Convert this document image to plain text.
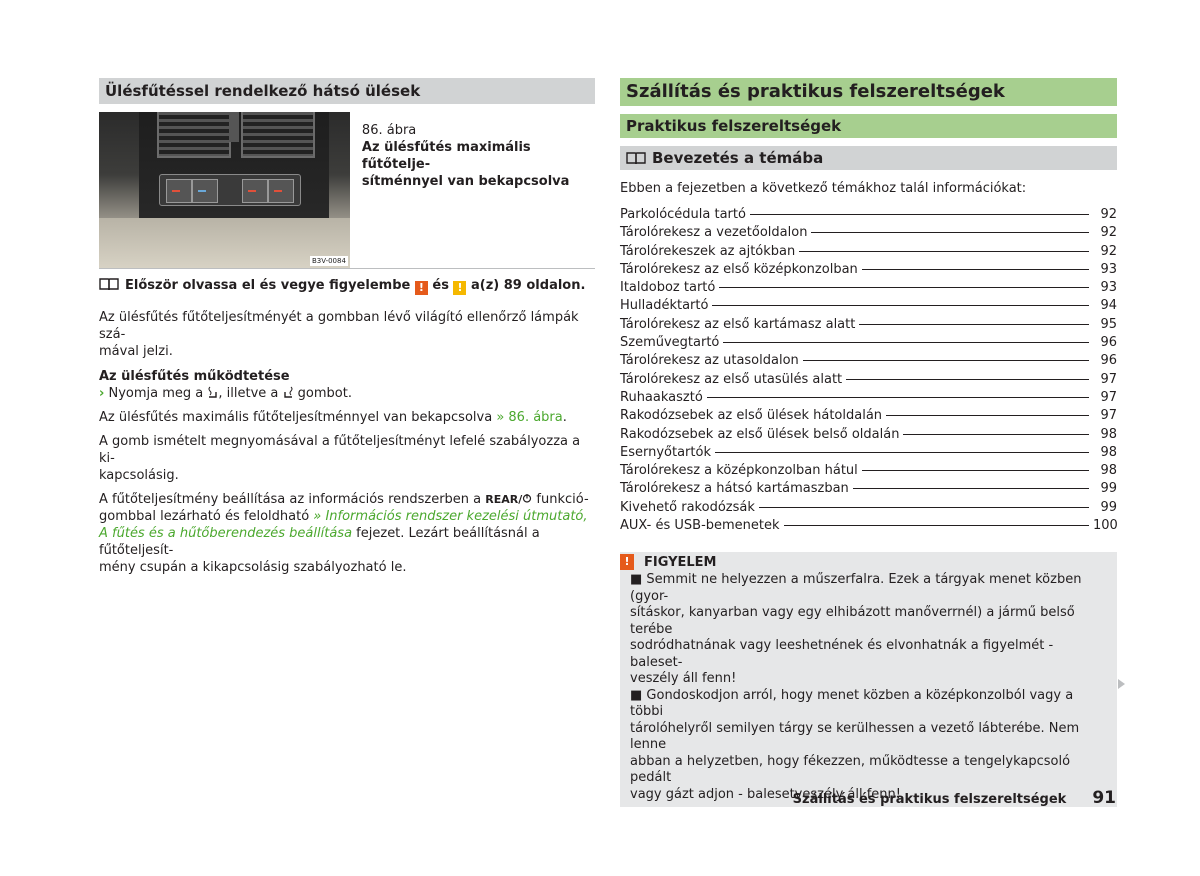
Ülésfűtéssel rendelkező hátsó ülések
B3V-0084
86. ábra
Az ülésfűtés maximális fűtőtelje-
sítménnyel van bekapcsolva

Először olvassa el és vegye figyelembe ! és ! a(z) 89 oldalon.

Az ülésfűtés fűtőteljesítményét a gombban lévő világító ellenőrző lámpák szá-
mával jelzi.

Az ülésfűtés működtetése

› Nyomja meg a , illetve a  gombot.

Az ülésfűtés maximális fűtőteljesítménnyel van bekapcsolva » 86. ábra.

A gomb ismételt megnyomásával a fűtőteljesítményt lefelé szabályozza a ki-
kapcsolásig.

A fűtőteljesítmény beállítása az információs rendszerben a REAR/ funkció-
gombbal lezárható és feloldható » Információs rendszer kezelési útmutató, A fűtés és a hűtőberendezés beállítása fejezet. Lezárt beállításnál a fűtőteljesít-
mény csupán a kikapcsolásig szabályozható le.

Szállítás és praktikus felszereltségek
Praktikus felszereltségek
Bevezetés a témába

Ebben a fejezetben a következő témákhoz talál információkat:

Parkolócédula tartó	92
Tárolórekesz a vezetőoldalon	92
Tárolórekeszek az ajtókban	92
Tárolórekesz az első középkonzolban	93
Italdoboz tartó	93
Hulladéktartó	94
Tárolórekesz az első kartámasz alatt	95
Szeművegtartó	96
Tárolórekesz az utasoldalon	96
Tárolórekesz az első utasülés alatt	97
Ruhaakasztó	97
Rakodózsebek az első ülések hátoldalán	97
Rakodózsebek az első ülések belső oldalán	98
Esernyőtartók	98
Tárolórekesz a középkonzolban hátul	98
Tárolórekesz a hátsó kartámaszban	99
Kivehető rakodózsák	99
AUX- és USB-bemenetek	100
!	FIGYELEM
■ Semmit ne helyezzen a műszerfalra. Ezek a tárgyak menet közben (gyor-
sításkor, kanyarban vagy egy elhibázott manőverrnél) a jármű belső terébe
sodródhatnának vagy leeshetnének és elvonhatnák a figyelmét - baleset-
veszély áll fenn!
■ Gondoskodjon arról, hogy menet közben a középkonzolból vagy a többi
tárolóhelyről semilyen tárgy se kerülhessen a vezető lábterébe. Nem lenne
abban a helyzetben, hogy fékezzen, működtesse a tengelykapcsoló pedált
vagy gázt adjon - balesetveszély áll fenn!
Szállítás és praktikus felszereltségek 91
